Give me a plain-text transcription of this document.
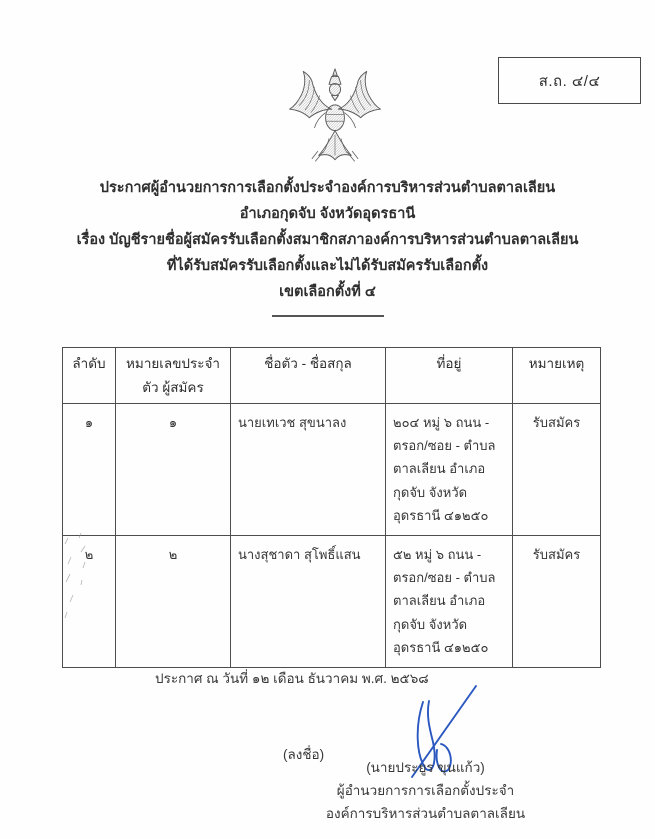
ส.ถ. ๔/๔

ประกาศผู้อำนวยการการเลือกตั้งประจำองค์การบริหารส่วนตำบลตาลเลียน

อำเภอกุดจับ จังหวัดอุดรธานี

เรื่อง บัญชีรายชื่อผู้สมัครรับเลือกตั้งสมาชิกสภาองค์การบริหารส่วนตำบลตาลเลียน

ที่ได้รับสมัครรับเลือกตั้งและไม่ได้รับสมัครรับเลือกตั้ง

เขตเลือกตั้งที่ ๔

ลำดับ	หมายเลขประจำตัว ผู้สมัคร	ชื่อตัว - ชื่อสกุล	ที่อยู่	หมายเหตุ
๑	๑	นายเทเวช สุขนาลง	๒๐๔ หมู่ ๖ ถนน - ตรอก/ซอย - ตำบล ตาลเลียน อำเภอ กุดจับ จังหวัด อุดรธานี ๔๑๒๕๐	รับสมัคร
๒	๒	นางสุชาดา สุโพธิ์แสน	๕๒ หมู่ ๖ ถนน - ตรอก/ซอย - ตำบล ตาลเลียน อำเภอ กุดจับ จังหวัด อุดรธานี ๔๑๒๕๐	รับสมัคร
ประกาศ ณ วันที่ ๑๒ เดือน ธันวาคม พ.ศ. ๒๕๖๘
(ลงชื่อ)

(นายประยูร ขุนแก้ว)

ผู้อำนวยการการเลือกตั้งประจำ

องค์การบริหารส่วนตำบลตาลเลียน
